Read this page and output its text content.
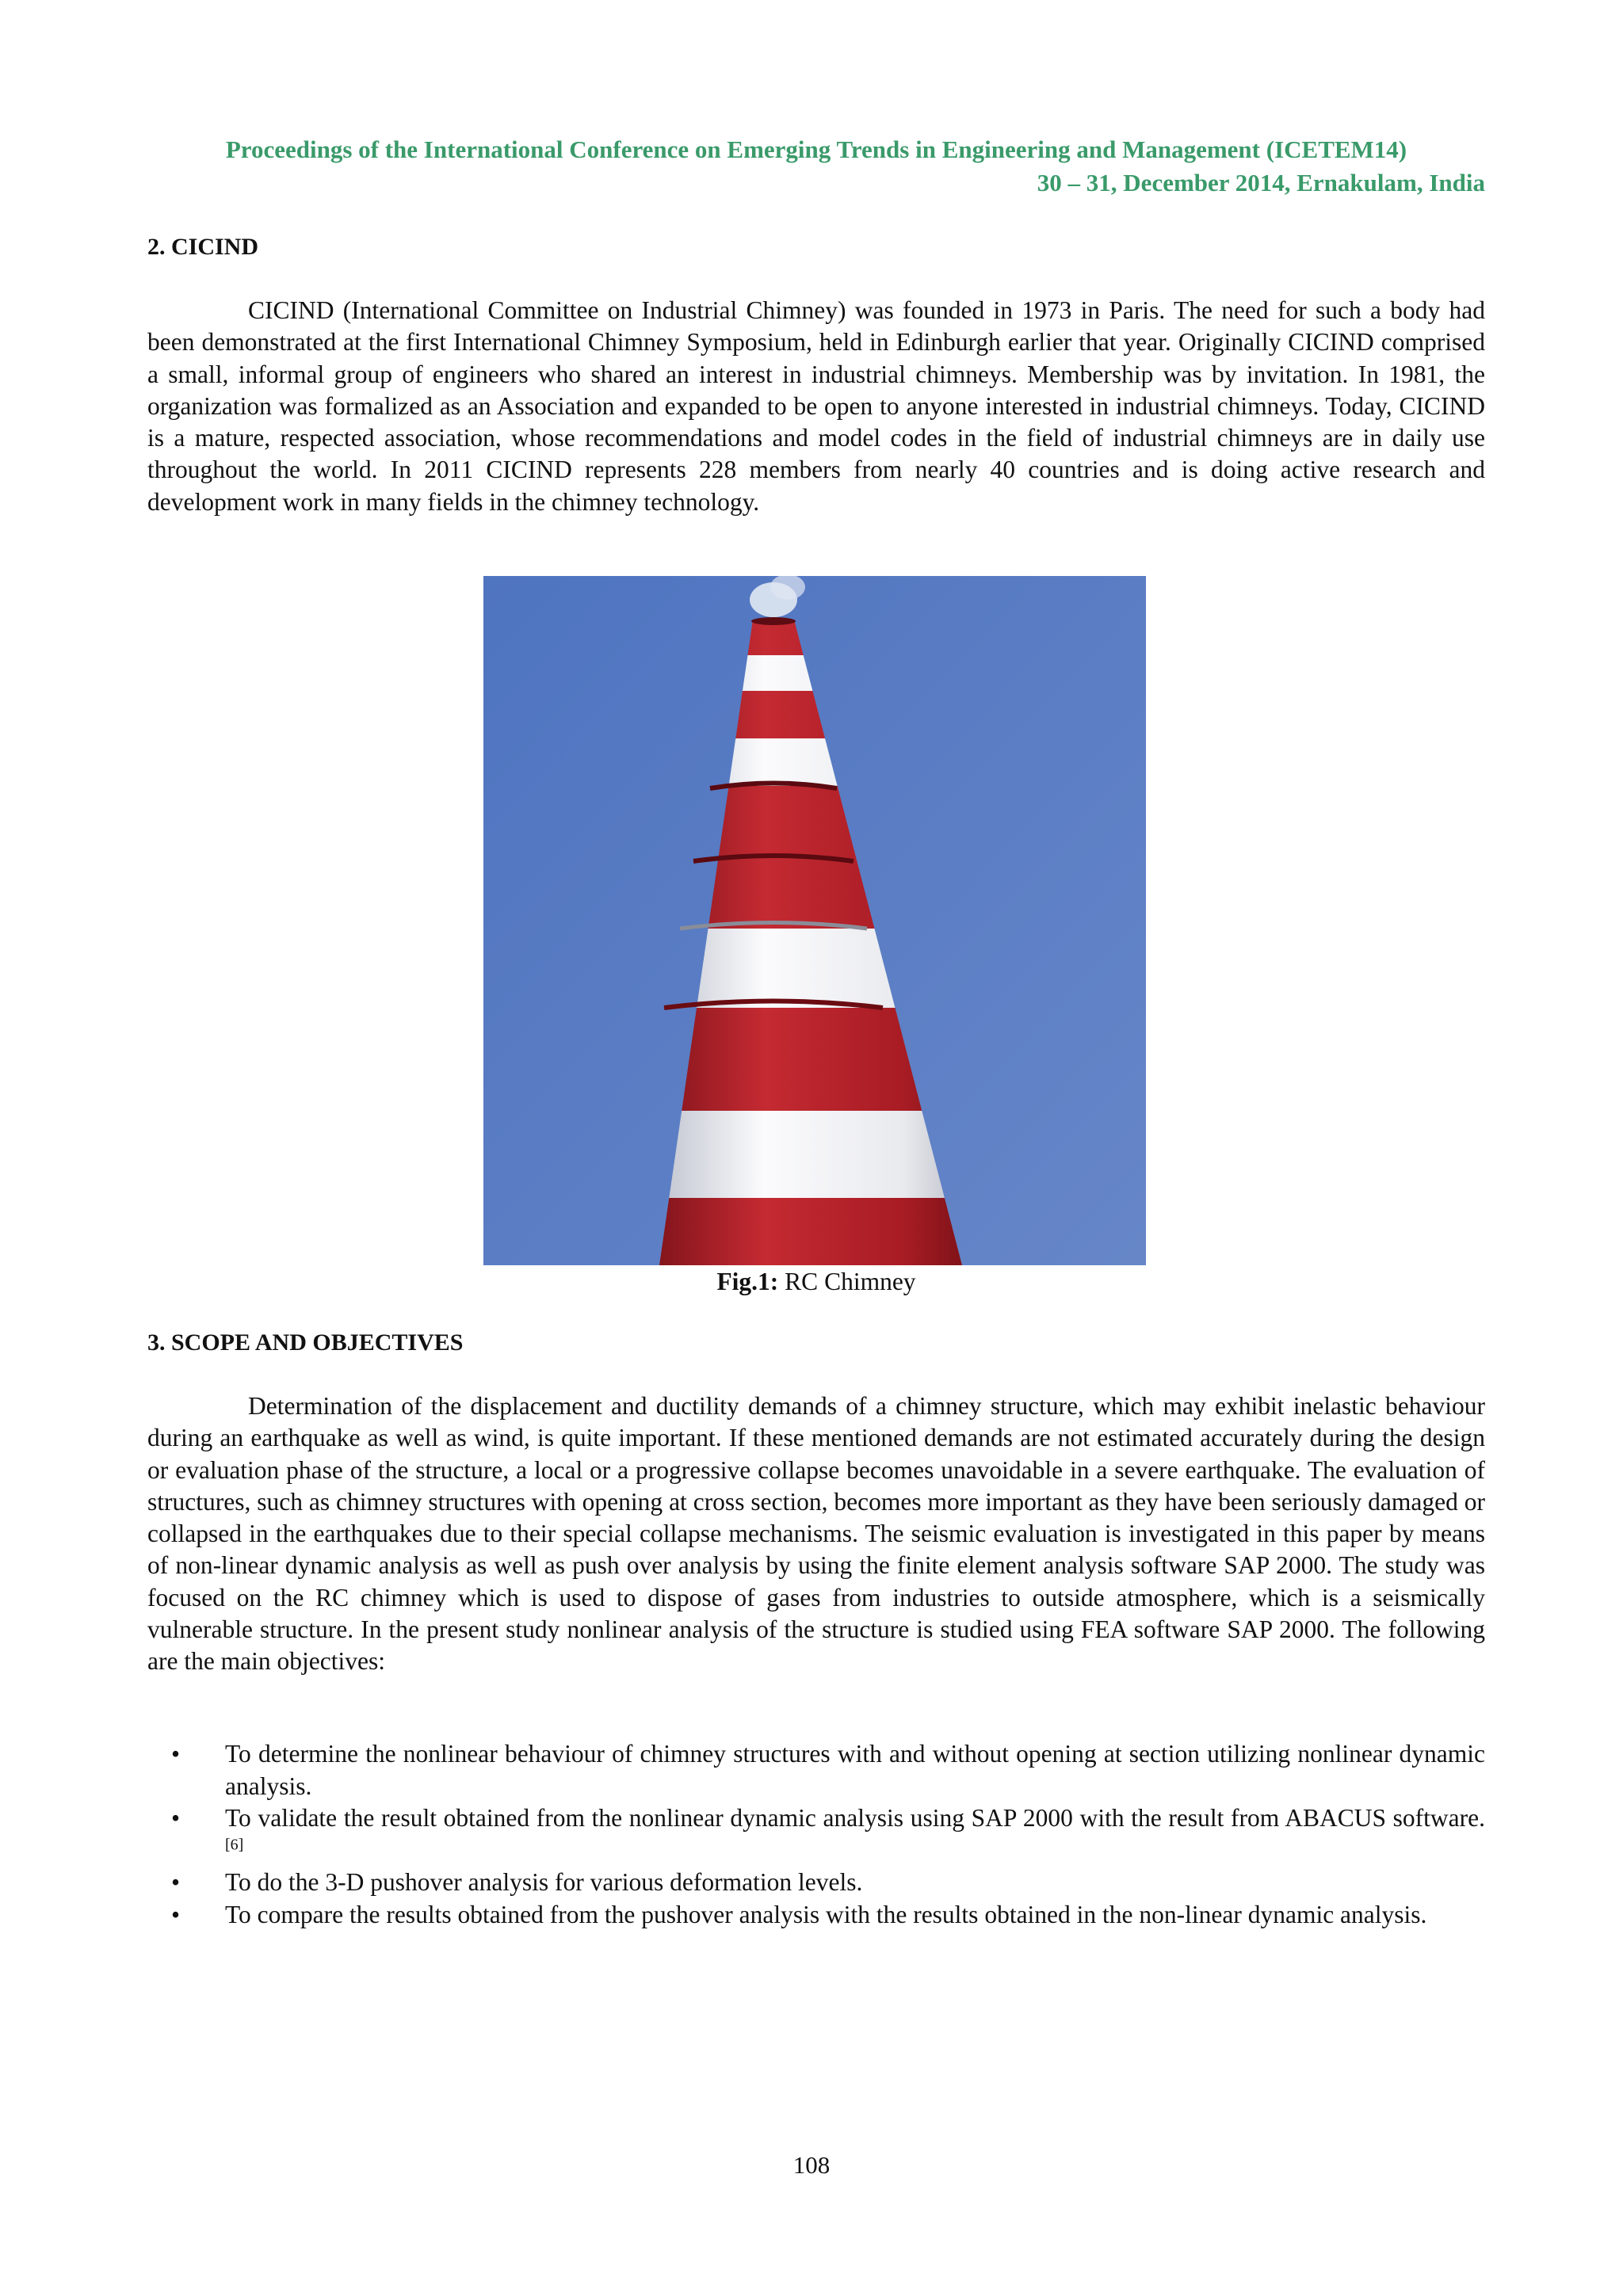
Proceedings of the International Conference on Emerging Trends in Engineering and Management (ICETEM14)
30 – 31, December 2014, Ernakulam, India
2. CICIND

CICIND (International Committee on Industrial Chimney) was founded in 1973 in Paris. The need for such a body had been demonstrated at the first International Chimney Symposium, held in Edinburgh earlier that year. Originally CICIND comprised a small, informal group of engineers who shared an interest in industrial chimneys. Membership was by invitation. In 1981, the organization was formalized as an Association and expanded to be open to anyone interested in industrial chimneys. Today, CICIND is a mature, respected association, whose recommendations and model codes in the field of industrial chimneys are in daily use throughout the world. In 2011 CICIND represents 228 members from nearly 40 countries and is doing active research and development work in many fields in the chimney technology.

Fig.1: RC Chimney
3. SCOPE AND OBJECTIVES

Determination of the displacement and ductility demands of a chimney structure, which may exhibit inelastic behaviour during an earthquake as well as wind, is quite important. If these mentioned demands are not estimated accurately during the design or evaluation phase of the structure, a local or a progressive collapse becomes unavoidable in a severe earthquake. The evaluation of structures, such as chimney structures with opening at cross section, becomes more important as they have been seriously damaged or collapsed in the earthquakes due to their special collapse mechanisms. The seismic evaluation is investigated in this paper by means of non-linear dynamic analysis as well as push over analysis by using the finite element analysis software SAP 2000. The study was focused on the RC chimney which is used to dispose of gases from industries to outside atmosphere, which is a seismically vulnerable structure. In the present study nonlinear analysis of the structure is studied using FEA software SAP 2000. The following are the main objectives:

• To determine the nonlinear behaviour of chimney structures with and without opening at section utilizing nonlinear dynamic analysis.
• To validate the result obtained from the nonlinear dynamic analysis using SAP 2000 with the result from ABACUS software. [6]
• To do the 3-D pushover analysis for various deformation levels.
• To compare the results obtained from the pushover analysis with the results obtained in the non-linear dynamic analysis.
108
